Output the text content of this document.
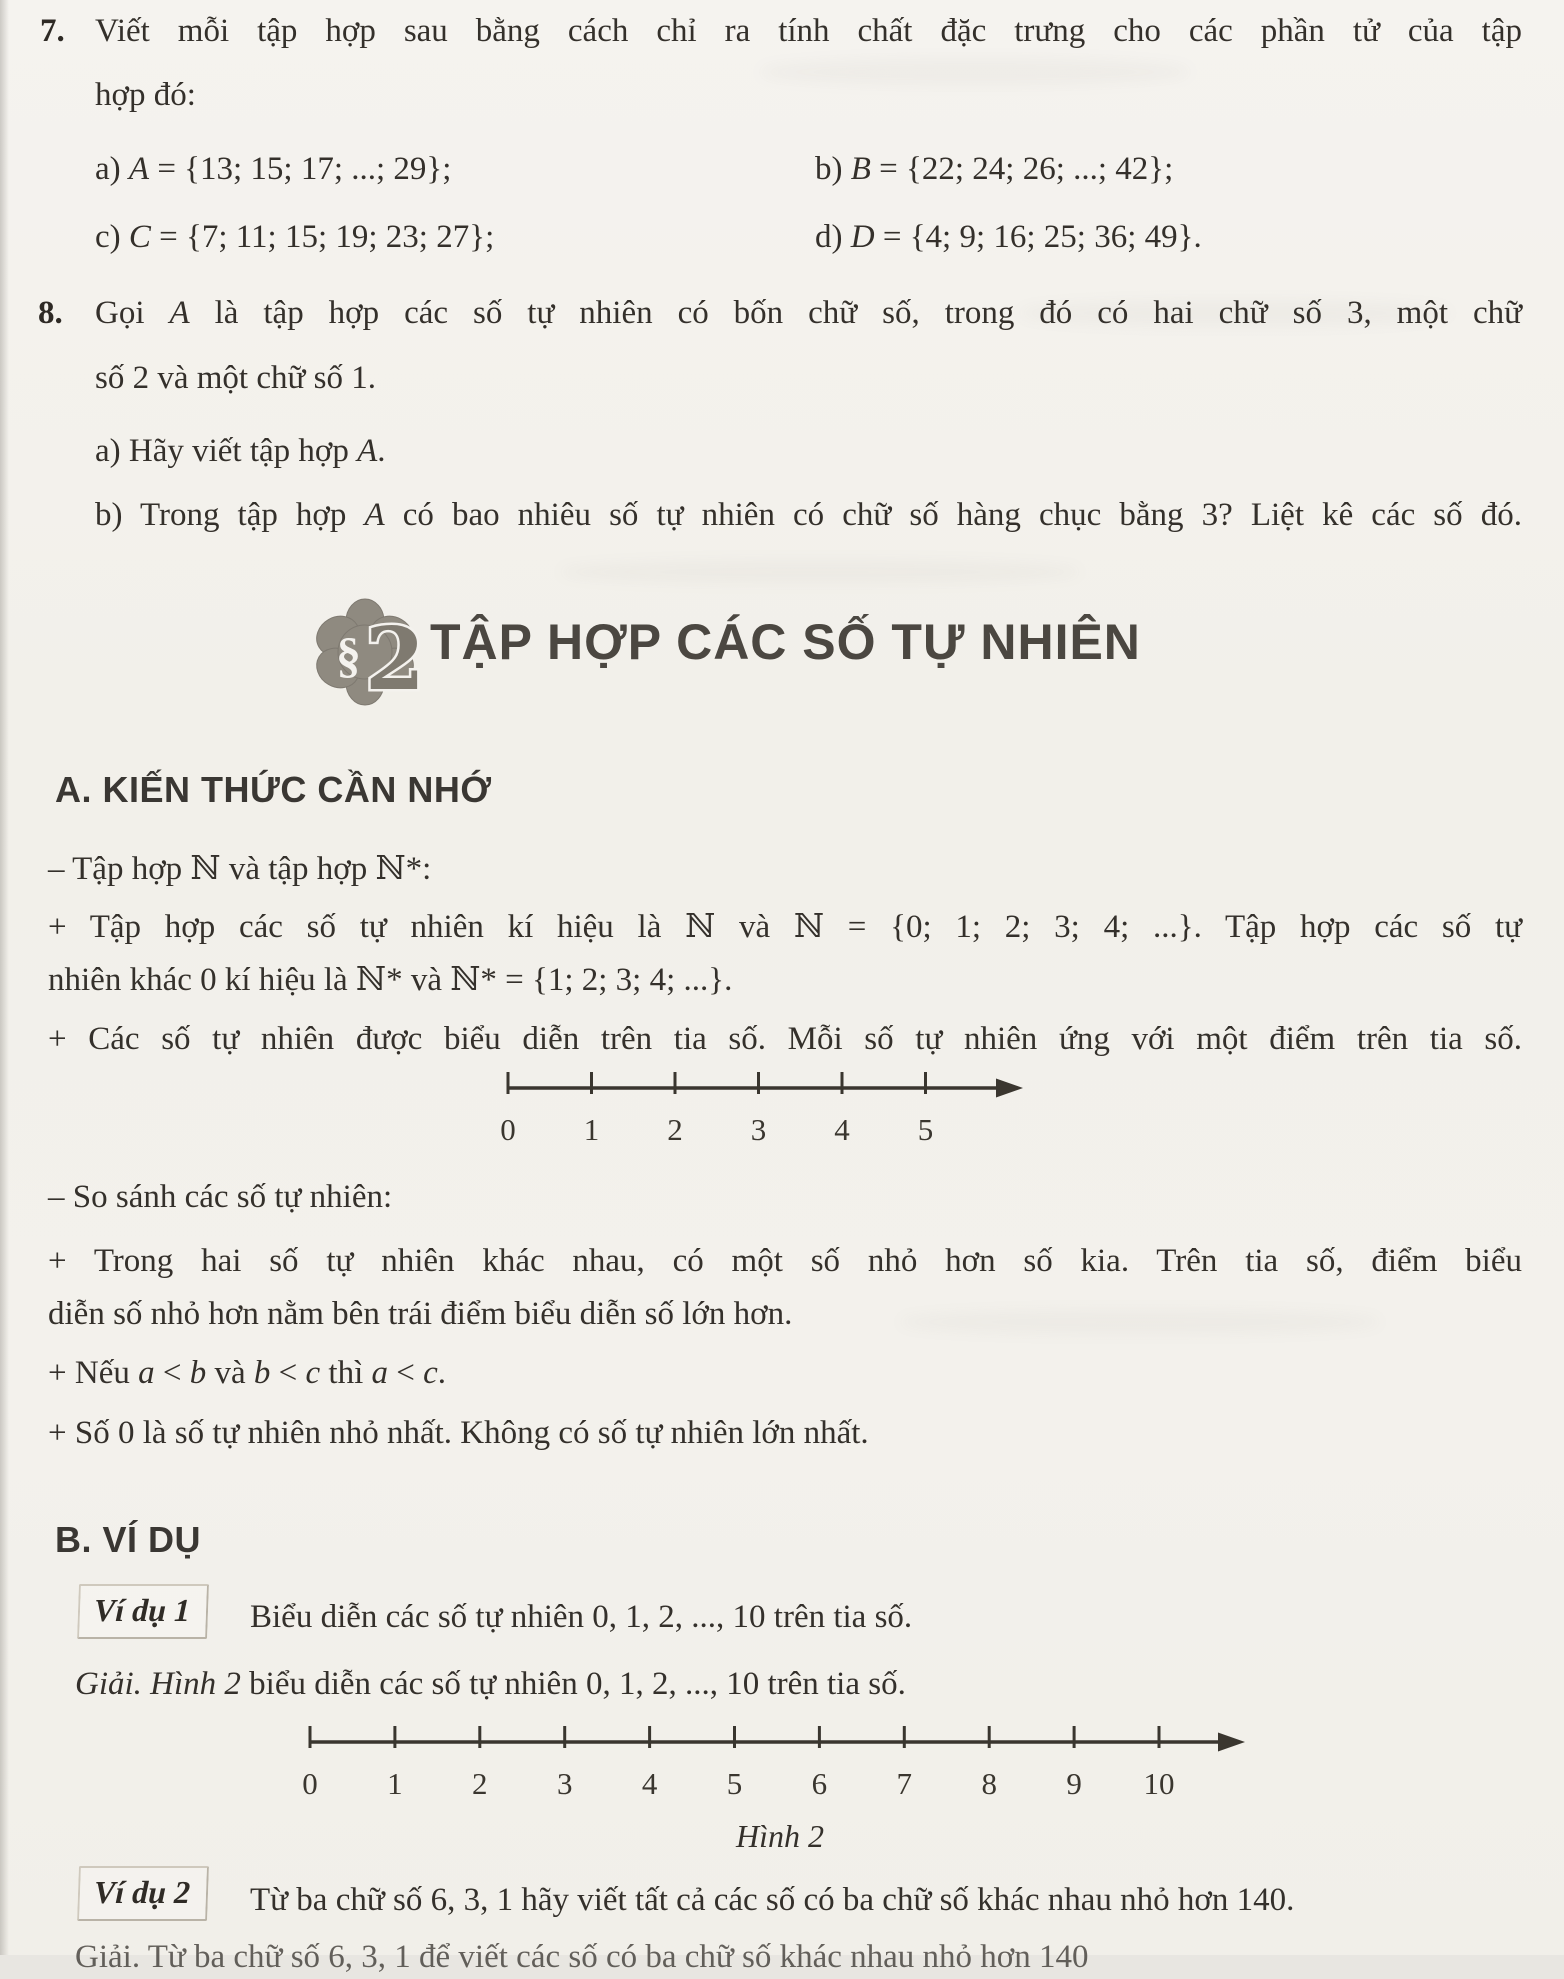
7. Viết mỗi tập hợp sau bằng cách chỉ ra tính chất đặc trưng cho các phần tử của tập
hợp đó:
a) A = {13; 15; 17; ...; 29};	b) B = {22; 24; 26; ...; 42};
c) C = {7; 11; 15; 19; 23; 27};	d) D = {4; 9; 16; 25; 36; 49}.
8. Gọi A là tập hợp các số tự nhiên có bốn chữ số, trong đó có hai chữ số 3, một chữ
số 2 và một chữ số 1.
a) Hãy viết tập hợp A.
b) Trong tập hợp A có bao nhiêu số tự nhiên có chữ số hàng chục bằng 3? Liệt kê các số đó.
§ 2 TẬP HỢP CÁC SỐ TỰ NHIÊN
A. KIẾN THỨC CẦN NHỚ
– Tập hợp ℕ và tập hợp ℕ*:
+ Tập hợp các số tự nhiên kí hiệu là ℕ và ℕ = {0; 1; 2; 3; 4; ...}. Tập hợp các số tự
nhiên khác 0 kí hiệu là ℕ* và ℕ* = {1; 2; 3; 4; ...}.
+ Các số tự nhiên được biểu diễn trên tia số. Mỗi số tự nhiên ứng với một điểm trên tia số.
0 1 2 3 4 5
– So sánh các số tự nhiên:
+ Trong hai số tự nhiên khác nhau, có một số nhỏ hơn số kia. Trên tia số, điểm biểu
diễn số nhỏ hơn nằm bên trái điểm biểu diễn số lớn hơn.
+ Nếu a < b và b < c thì a < c.
+ Số 0 là số tự nhiên nhỏ nhất. Không có số tự nhiên lớn nhất.
B. VÍ DỤ
Ví dụ 1	Biểu diễn các số tự nhiên 0, 1, 2, ..., 10 trên tia số.
Giải. Hình 2 biểu diễn các số tự nhiên 0, 1, 2, ..., 10 trên tia số.
0 1 2 3 4 5 6 7 8 9 10
Hình 2
Ví dụ 2	Từ ba chữ số 6, 3, 1 hãy viết tất cả các số có ba chữ số khác nhau nhỏ hơn 140.
Giải. Từ ba chữ số 6, 3, 1 để viết các số có ba chữ số khác nhau nhỏ hơn 140
